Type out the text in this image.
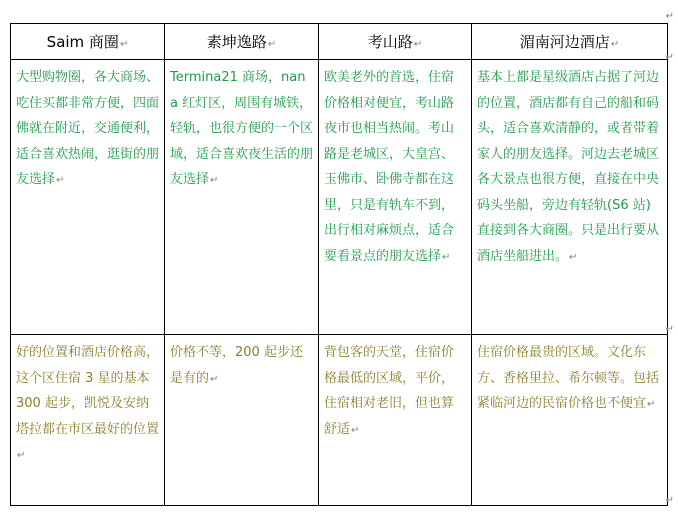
Saim 商圈↵	素坤逸路↵	考山路↵	湄南河边酒店↵

大型购物圈，各大商场、吃住买都非常方便，四面佛就在附近，交通便利，适合喜欢热闹，逛街的朋友选择↵	Termina21 商场，nana 红灯区，周围有城铁，轻轨，也很方便的一个区域，适合喜欢夜生活的朋友选择↵	欧美老外的首选，住宿价格相对便宜，考山路夜市也相当热闹。考山路是老城区，大皇宫、玉佛市、卧佛寺都在这里，只是有轨车不到，出行相对麻烦点，适合要看景点的朋友选择↵	基本上都是星级酒店占据了河边的位置，酒店都有自己的船和码头，适合喜欢清静的，或者带着家人的朋友选择。河边去老城区各大景点也很方便，直接在中央码头坐船，旁边有轻轨(S6 站)直接到各大商圈。只是出行要从酒店坐船进出。↵

好的位置和酒店价格高，这个区住宿 3 星的基本 300 起步，凯悦及安纳塔拉都在市区最好的位置↵	价格不等，200 起步还是有的↵	背包客的天堂，住宿价格最低的区域，平价，住宿相对老旧，但也算舒适↵	住宿价格最贵的区域。文化东方、香格里拉、希尔顿等。包括紧临河边的民宿价格也不便宜↵
↵
↵
↵
↵
